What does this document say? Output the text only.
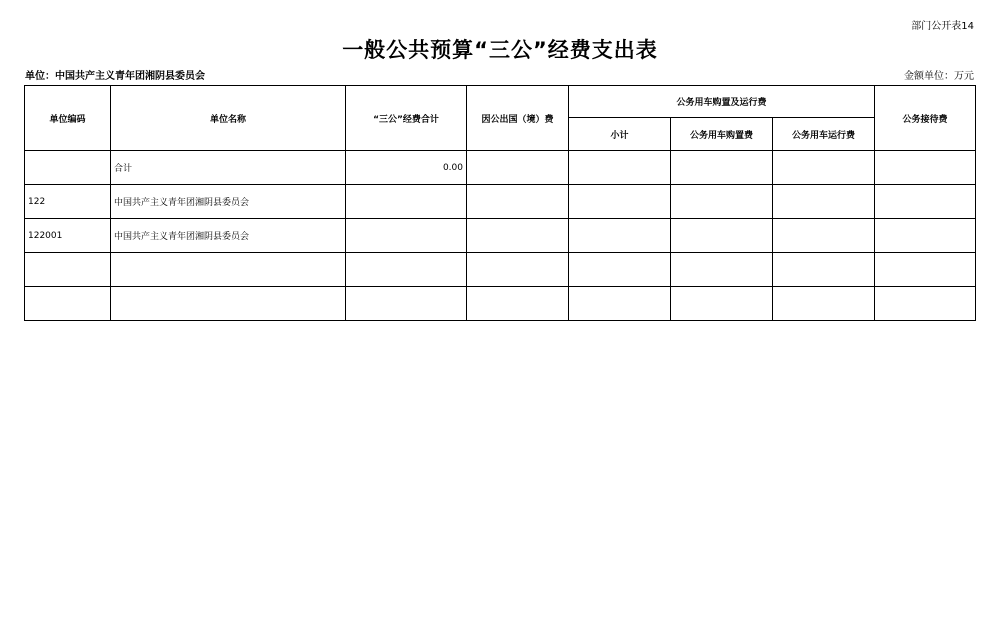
部门公开表14
一般公共预算“三公”经费支出表
单位：中国共产主义青年团湘阴县委员会	金额单位：万元
单位编码	单位名称	“三公”经费合计	因公出国（境）费	公务用车购置及运行费			公务接待费
				小计	公务用车购置费	公务用车运行费	
	合计	0.00					
122	中国共产主义青年团湘阴县委员会						
122001	中国共产主义青年团湘阴县委员会						
